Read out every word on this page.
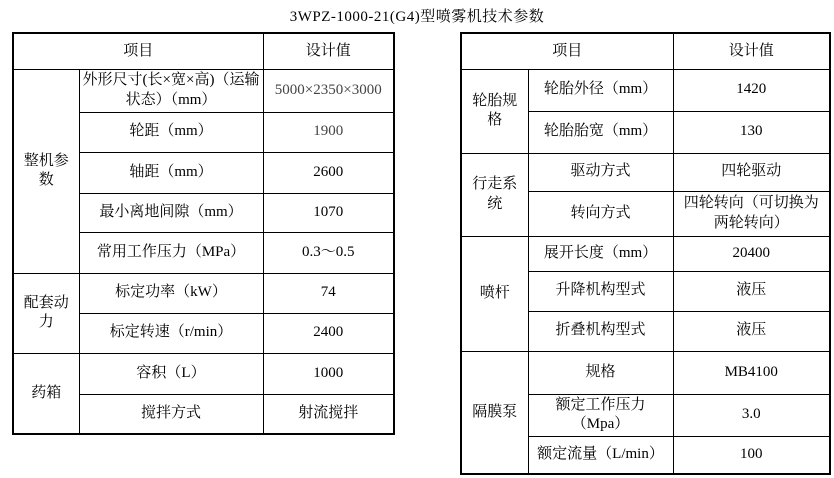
3WPZ-1000-21(G4)型喷雾机技术参数
项目		设计值
整机参数	外形尺寸(长×宽×高)（运输状态）（mm）	5000×2350×3000
	轮距（mm）	1900
	轴距（mm）	2600
	最小离地间隙（mm）	1070
	常用工作压力（MPa）	0.3～0.5
配套动力	标定功率（kW）	74
	标定转速（r/min）	2400
药箱	容积（L）	1000
	搅拌方式	射流搅拌
项目		设计值
轮胎规格	轮胎外径（mm）	1420
	轮胎胎宽（mm）	130
行走系统	驱动方式	四轮驱动
	转向方式	四轮转向（可切换为两轮转向）
喷杆	展开长度（mm）	20400
	升降机构型式	液压
	折叠机构型式	液压
隔膜泵	规格	MB4100
	额定工作压力（Mpa）	3.0
	额定流量（L/min）	100
